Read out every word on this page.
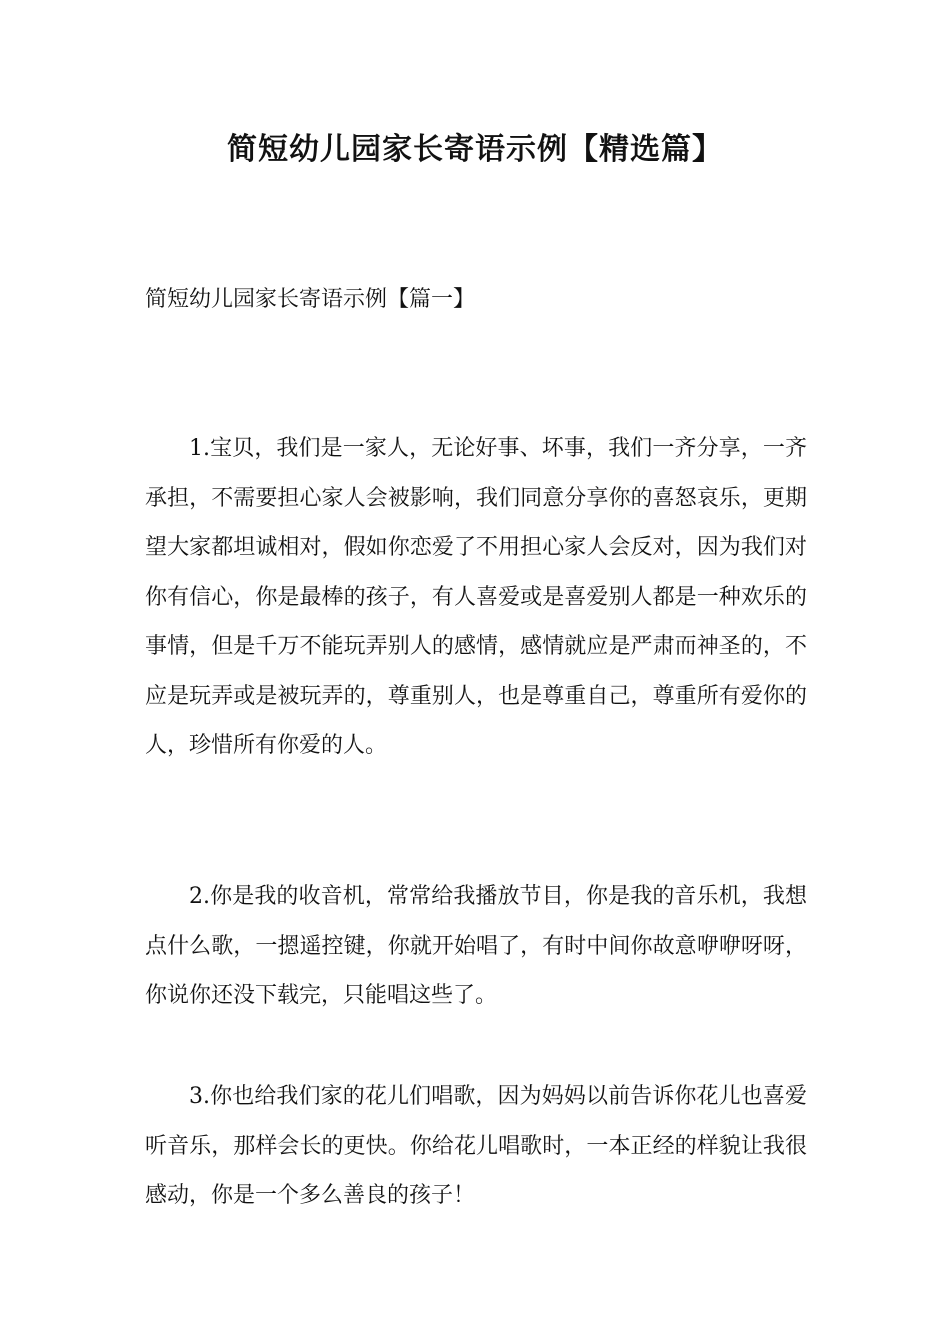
简短幼儿园家长寄语示例【精选篇】
简短幼儿园家长寄语示例【篇一】

1.宝贝，我们是一家人，无论好事、坏事，我们一齐分享，一齐承担，不需要担心家人会被影响，我们同意分享你的喜怒哀乐，更期望大家都坦诚相对，假如你恋爱了不用担心家人会反对，因为我们对你有信心，你是最棒的孩子，有人喜爱或是喜爱别人都是一种欢乐的事情，但是千万不能玩弄别人的感情，感情就应是严肃而神圣的，不应是玩弄或是被玩弄的，尊重别人，也是尊重自己，尊重所有爱你的人，珍惜所有你爱的人。

2.你是我的收音机，常常给我播放节目，你是我的音乐机，我想点什么歌，一摁遥控键，你就开始唱了，有时中间你故意咿咿呀呀，你说你还没下载完，只能唱这些了。

3.你也给我们家的花儿们唱歌，因为妈妈以前告诉你花儿也喜爱听音乐，那样会长的更快。你给花儿唱歌时，一本正经的样貌让我很感动，你是一个多么善良的孩子！
